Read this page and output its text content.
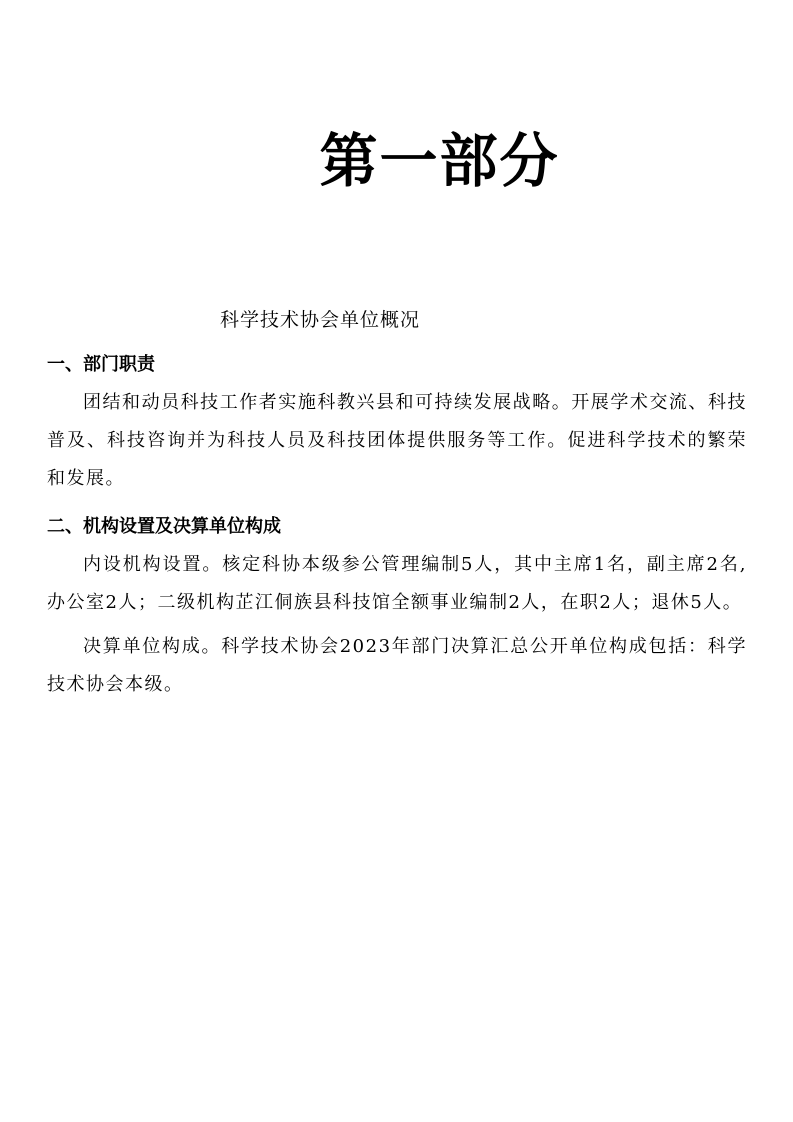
第一部分
科学技术协会单位概况
一、部门职责

团结和动员科技工作者实施科教兴县和可持续发展战略。开展学术交流、科技普及、科技咨询并为科技人员及科技团体提供服务等工作。促进科学技术的繁荣和发展。

二、机构设置及决算单位构成

内设机构设置。核定科协本级参公管理编制5人，其中主席1名，副主席2名,办公室2人；二级机构芷江侗族县科技馆全额事业编制2人，在职2人；退休5人。

决算单位构成。科学技术协会2023年部门决算汇总公开单位构成包括：科学技术协会本级。
